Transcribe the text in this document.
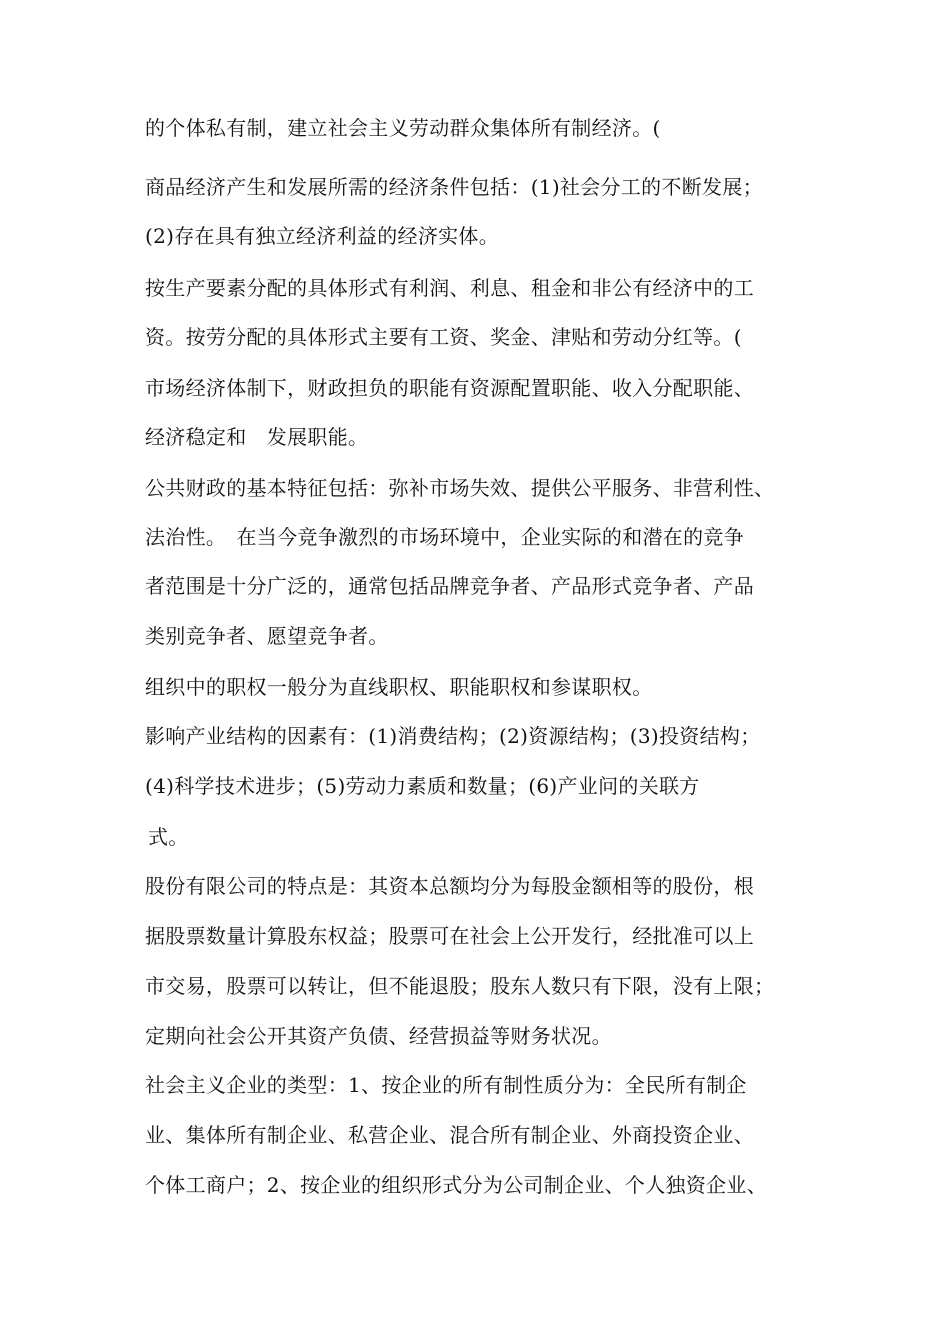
的个体私有制，建立社会主义劳动群众集体所有制经济。(
商品经济产生和发展所需的经济条件包括：(1)社会分工的不断发展；
(2)存在具有独立经济利益的经济实体。
按生产要素分配的具体形式有利润、利息、租金和非公有经济中的工
资。按劳分配的具体形式主要有工资、奖金、津贴和劳动分红等。(
市场经济体制下，财政担负的职能有资源配置职能、收入分配职能、
经济稳定和　发展职能。
公共财政的基本特征包括：弥补市场失效、提供公平服务、非营利性、
法治性。　在当今竞争激烈的市场环境中，企业实际的和潜在的竞争
者范围是十分广泛的，通常包括品牌竞争者、产品形式竞争者、产品
类别竞争者、愿望竞争者。
组织中的职权一般分为直线职权、职能职权和参谋职权。
影响产业结构的因素有：(1)消费结构；(2)资源结构；(3)投资结构；
(4)科学技术进步；(5)劳动力素质和数量；(6)产业问的关联方
式。
股份有限公司的特点是：其资本总额均分为每股金额相等的股份，根
据股票数量计算股东权益；股票可在社会上公开发行，经批准可以上
市交易，股票可以转让，但不能退股；股东人数只有下限，没有上限；
定期向社会公开其资产负债、经营损益等财务状况。
社会主义企业的类型：1、按企业的所有制性质分为：全民所有制企
业、集体所有制企业、私营企业、混合所有制企业、外商投资企业、
个体工商户；2、按企业的组织形式分为公司制企业、个人独资企业、
